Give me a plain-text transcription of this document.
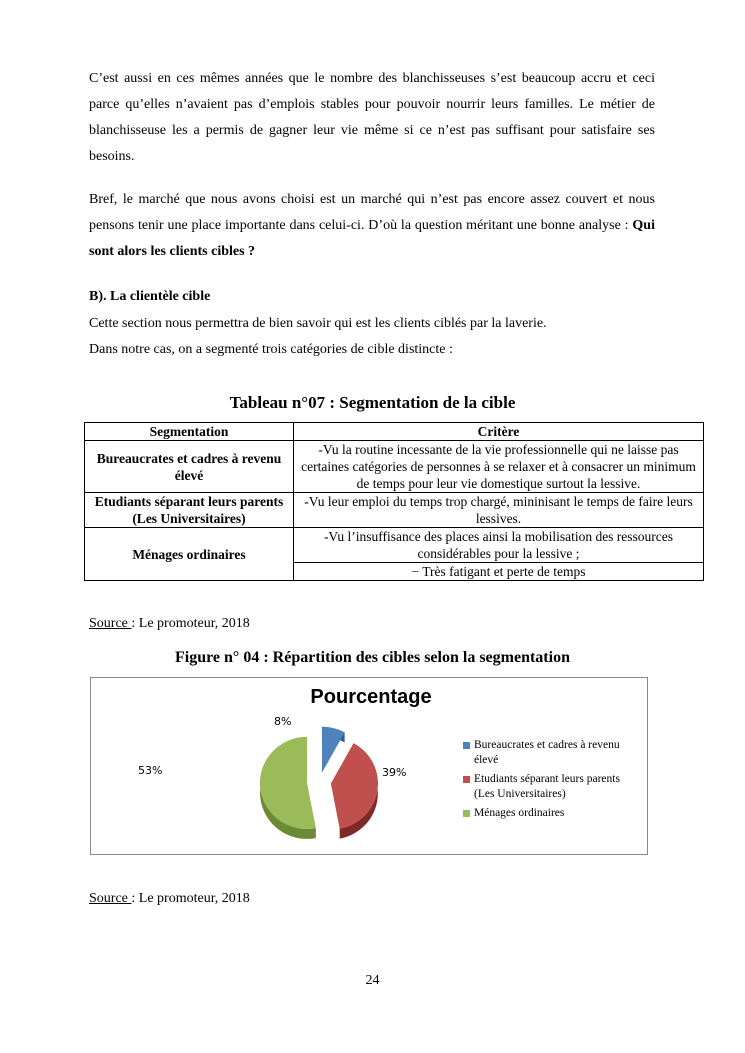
C’est aussi en ces mêmes années que le nombre des blanchisseuses s’est beaucoup accru et ceci parce qu’elles n’avaient pas d’emplois stables pour pouvoir nourrir leurs familles. Le métier de blanchisseuse les a permis de gagner leur vie même si ce n’est pas suffisant pour satisfaire ses besoins.
Bref, le marché que nous avons choisi est un marché qui n’est pas encore assez couvert et nous pensons tenir une place importante dans celui-ci. D’où la question méritant une bonne analyse : Qui sont alors les clients cibles ?
B). La clientèle cible
Cette section nous permettra de bien savoir qui est les clients ciblés par la laverie.
Dans notre cas, on a segmenté trois catégories de cible distincte :
Tableau n°07 : Segmentation de la cible
Segmentation	Critère
Bureaucrates et cadres à revenu élevé	-Vu la routine incessante de la vie professionnelle qui ne laisse pas certaines catégories de personnes à se relaxer et à consacrer un minimum de temps pour leur vie domestique surtout la lessive.
Etudiants séparant leurs parents (Les Universitaires)	-Vu leur emploi du temps trop chargé, mininisant le temps de faire leurs lessives.
Ménages ordinaires	-Vu l’insuffisance des places ainsi la mobilisation des ressources considérables pour la lessive ;
	− Très fatigant et perte de temps
Source : Le promoteur, 2018
Figure n° 04 : Répartition des cibles selon la segmentation
Pourcentage
8%
39%
53%
Bureaucrates et cadres à revenu élevé
Etudiants séparant leurs parents (Les Universitaires)
Ménages ordinaires
Source : Le promoteur, 2018
24
